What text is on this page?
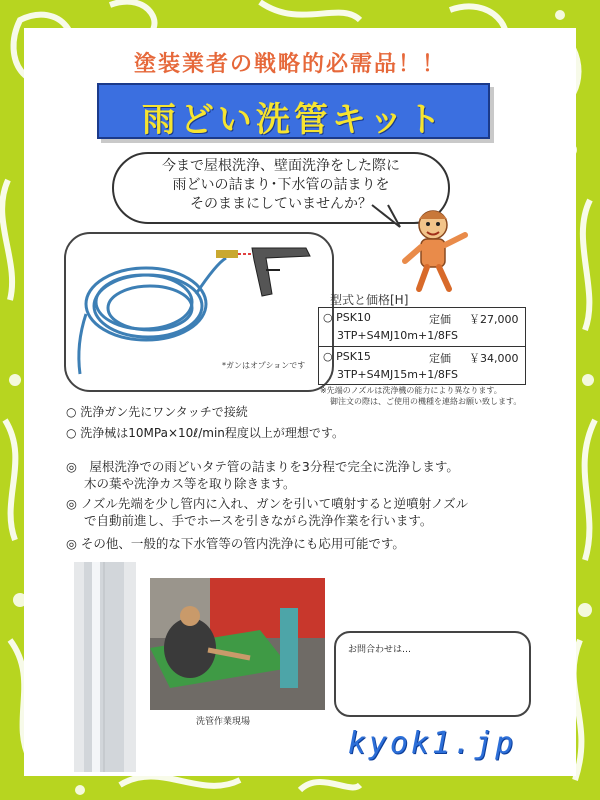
塗装業者の戦略的必需品！！
雨どい洗管キット
今まで屋根洗浄、壁面洗浄をした際に
雨どいの詰まり･下水管の詰まりを
そのままにしていませんか？
*ガンはオプションです
型式と価格[H]
○ PSK10	定価 ￥27,000
3TP+S4MJ10m+1/8FS
○ PSK15	定価 ￥34,000
3TP+S4MJ15m+1/8FS
※先端のノズルは洗浄機の能力により異なります。
御注文の際は、ご使用の機種を連絡お願い致します。
○ 洗浄ガン先にワンタッチで接続
○ 洗浄械は10MPa×10ℓ/min程度以上が理想です。
◎　屋根洗浄での雨どいタテ管の詰まりを3分程で完全に洗浄します。
木の葉や洗浄カス等を取り除きます。
◎ ノズル先端を少し管内に入れ、ガンを引いて噴射すると逆噴射ノズル
で自動前進し、手でホースを引きながら洗浄作業を行います。
◎ その他、一般的な下水管等の管内洗浄にも応用可能です。
洗管作業現場
お問合わせは…
kyok1.jp
